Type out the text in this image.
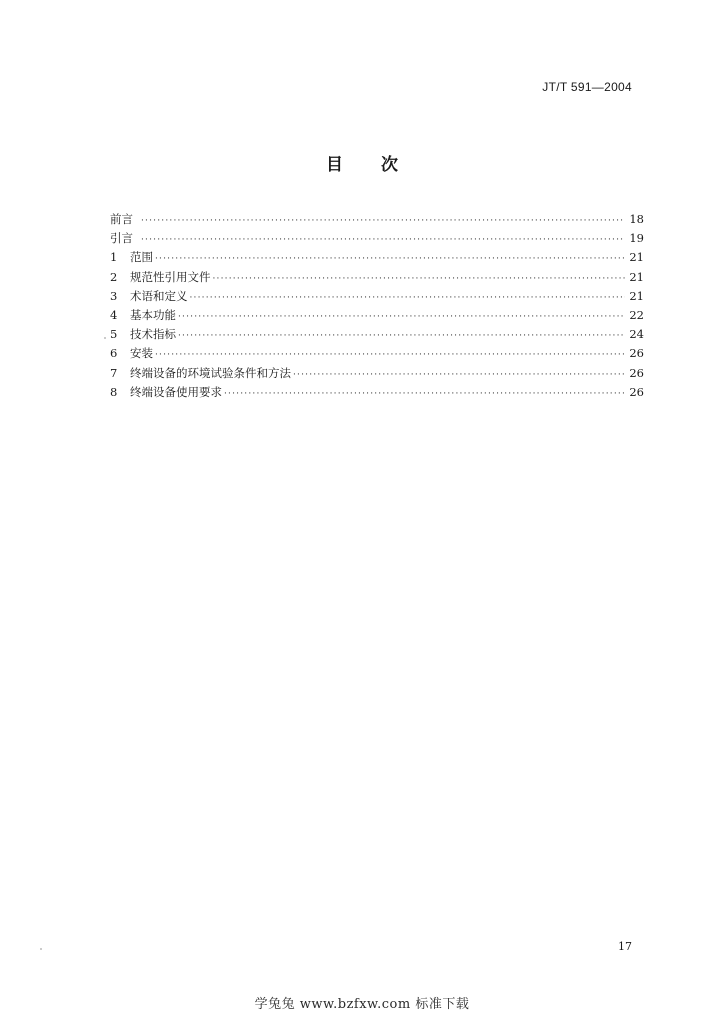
JT/T 591—2004
目次
前言 ·····	18
引言 ·····	19
1	范围 ·····	21
2	规范性引用文件 ·····	21
3	术语和定义 ·····	21
4	基本功能 ·····	22
5	技术指标 ·····	24
6	安装 ·····	26
7	终端设备的环境试验条件和方法 ·····	26
8	终端设备使用要求 ·····	26
17
学兔兔 www.bzfxw.com 标准下载
